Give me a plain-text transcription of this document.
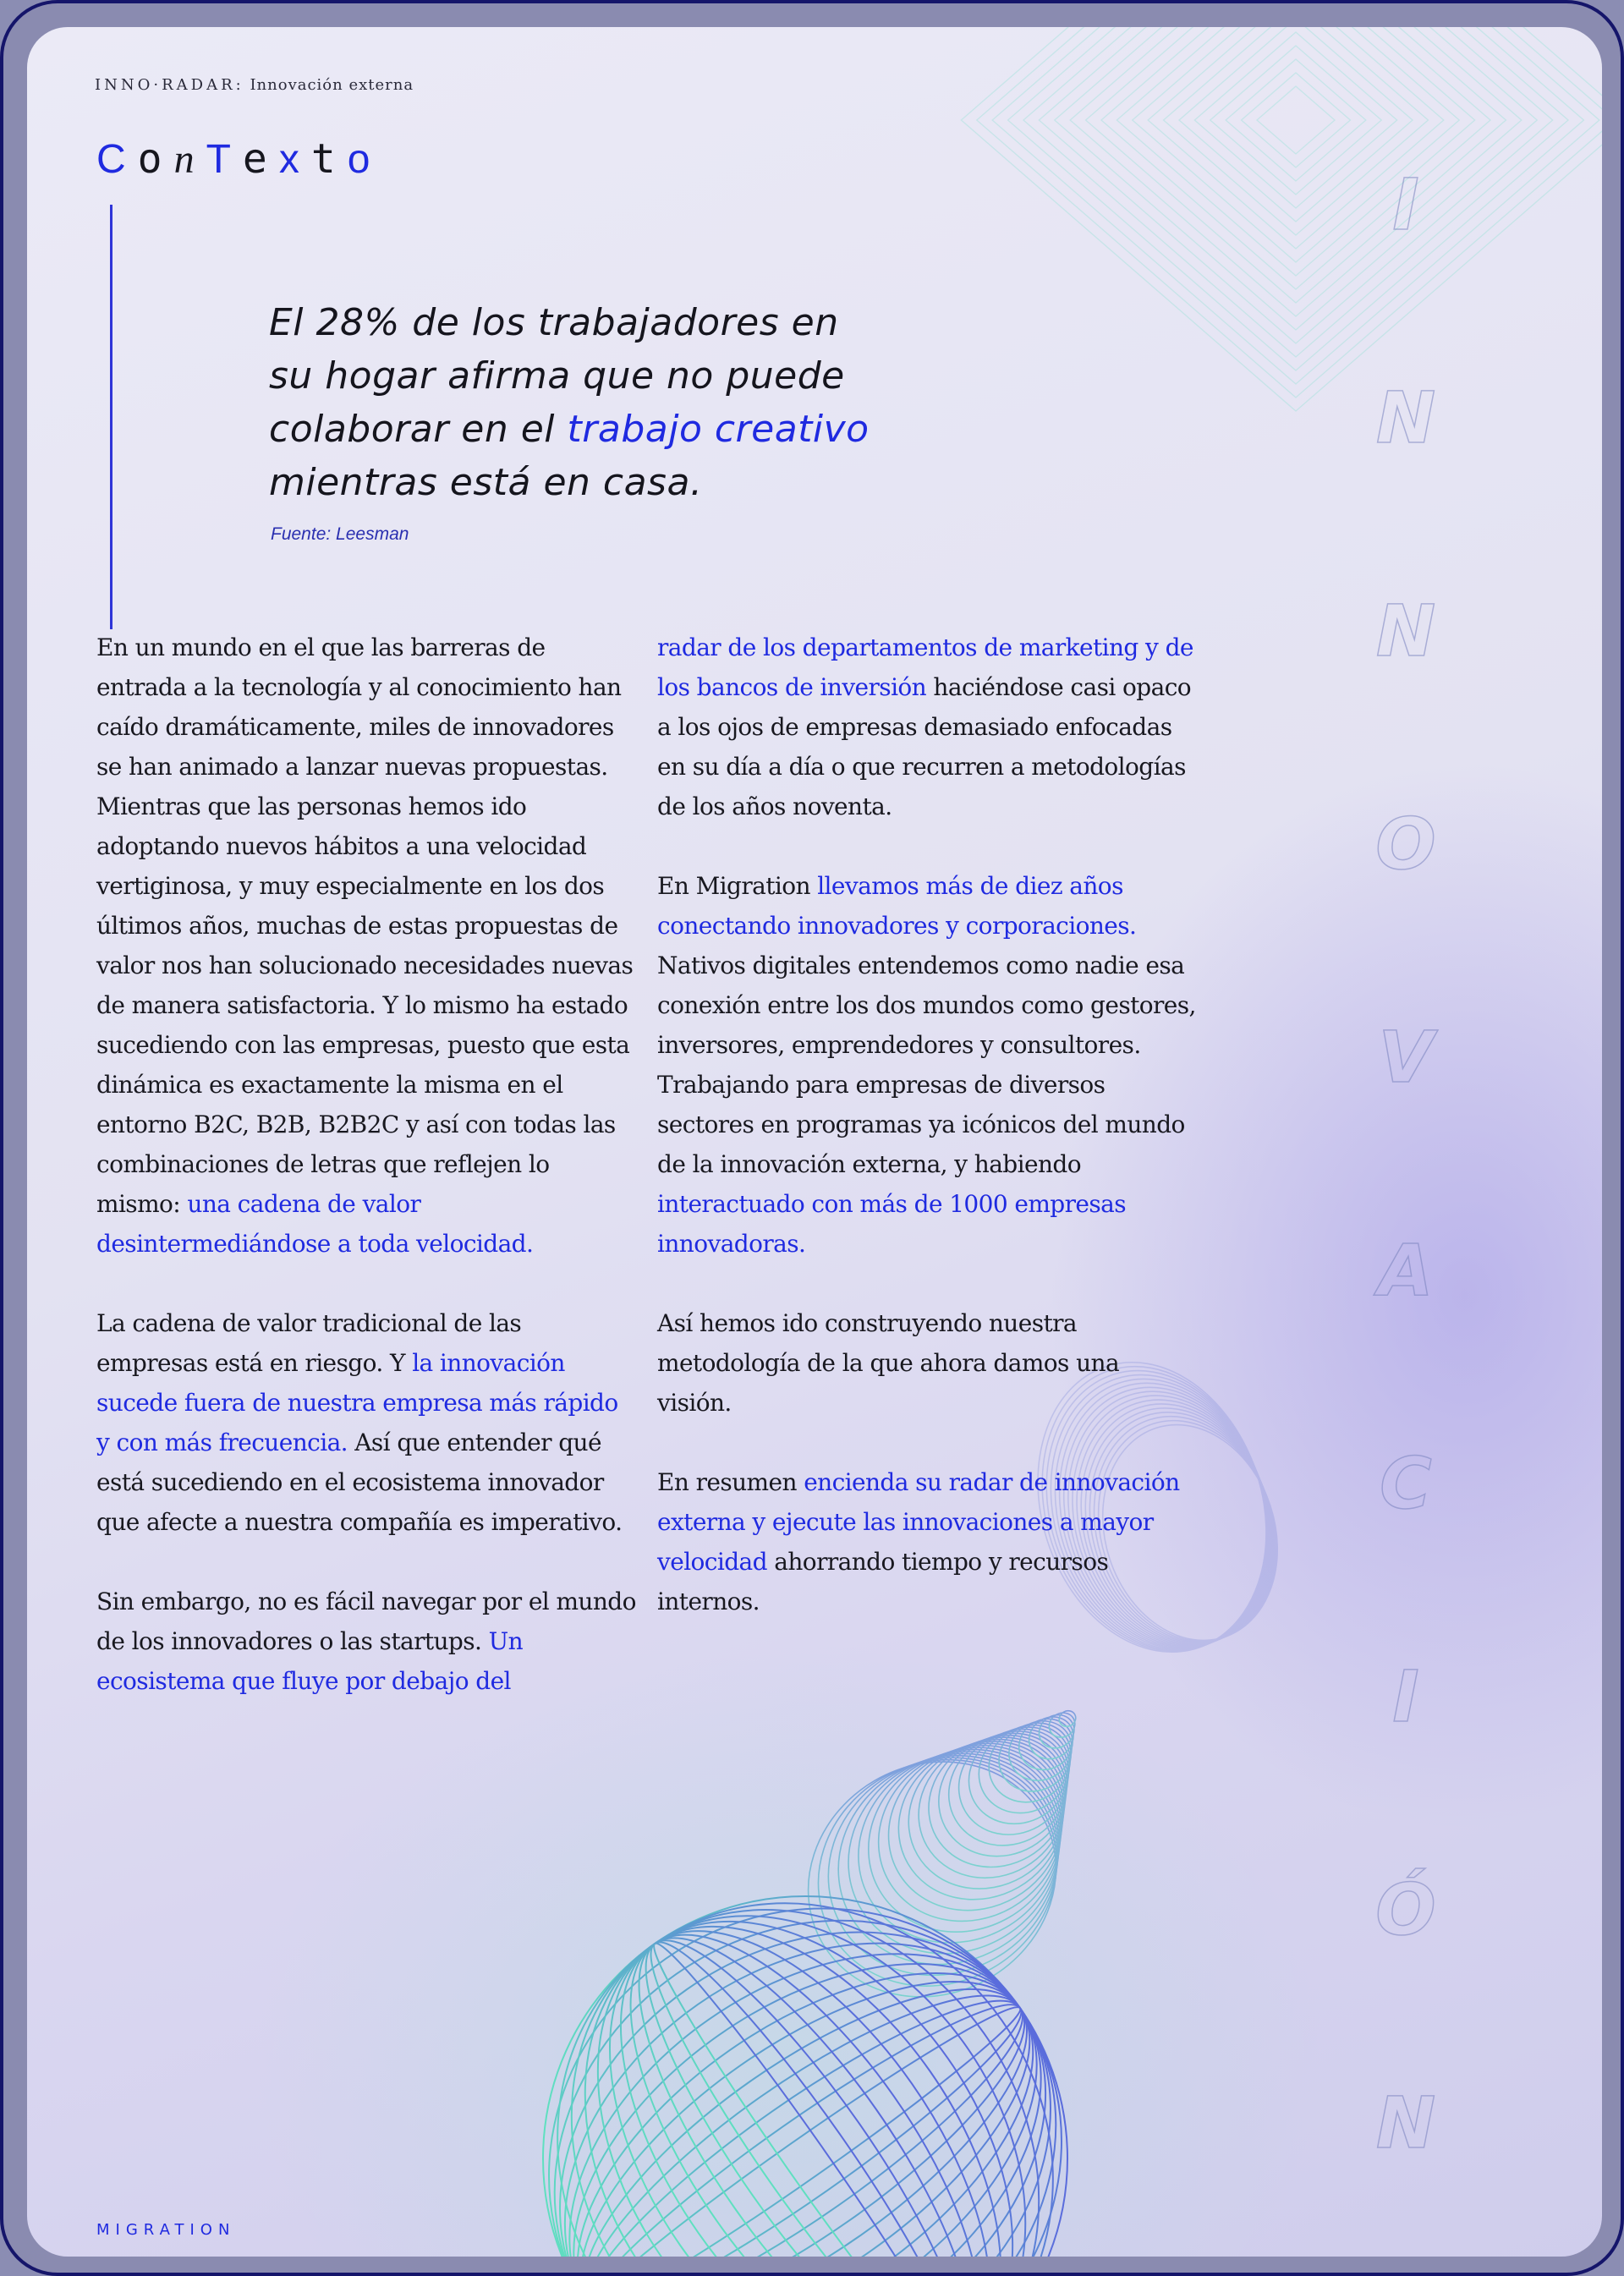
INNO·RADAR: Innovación externa
ConTexto
El 28% de los trabajadores en
su hogar afirma que no puede
colaborar en el trabajo creativo
mientras está en casa.
Fuente: Leesman

En un mundo en el que las barreras de entrada a la tecnología y al conocimiento han caído dramáticamente, miles de innovadores se han animado a lanzar nuevas propuestas. Mientras que las personas hemos ido adoptando nuevos hábitos a una velocidad vertiginosa, y muy especialmente en los dos últimos años, muchas de estas propuestas de valor nos han solucionado necesidades nuevas de manera satisfactoria. Y lo mismo ha estado sucediendo con las empresas, puesto que esta dinámica es exactamente la misma en el entorno B2C, B2B, B2B2C y así con todas las combinaciones de letras que reflejen lo mismo: una cadena de valor desintermediándose a toda velocidad.

La cadena de valor tradicional de las empresas está en riesgo. Y la innovación sucede fuera de nuestra empresa más rápido y con más frecuencia. Así que entender qué está sucediendo en el ecosistema innovador que afecte a nuestra compañía es imperativo.

Sin embargo, no es fácil navegar por el mundo de los innovadores o las startups. Un ecosistema que fluye por debajo del

radar de los departamentos de marketing y de los bancos de inversión haciéndose casi opaco a los ojos de empresas demasiado enfocadas en su día a día o que recurren a metodologías de los años noventa.

En Migration llevamos más de diez años conectando innovadores y corporaciones. Nativos digitales entendemos como nadie esa conexión entre los dos mundos como gestores, inversores, emprendedores y consultores. Trabajando para empresas de diversos sectores en programas ya icónicos del mundo de la innovación externa, y habiendo interactuado con más de 1000 empresas innovadoras.

Así hemos ido construyendo nuestra metodología de la que ahora damos una visión.

En resumen encienda su radar de innovación externa y ejecute las innovaciones a mayor velocidad ahorrando tiempo y recursos internos.

I
N
N
O
V
A
C
I
Ó
N
MIGRATION
